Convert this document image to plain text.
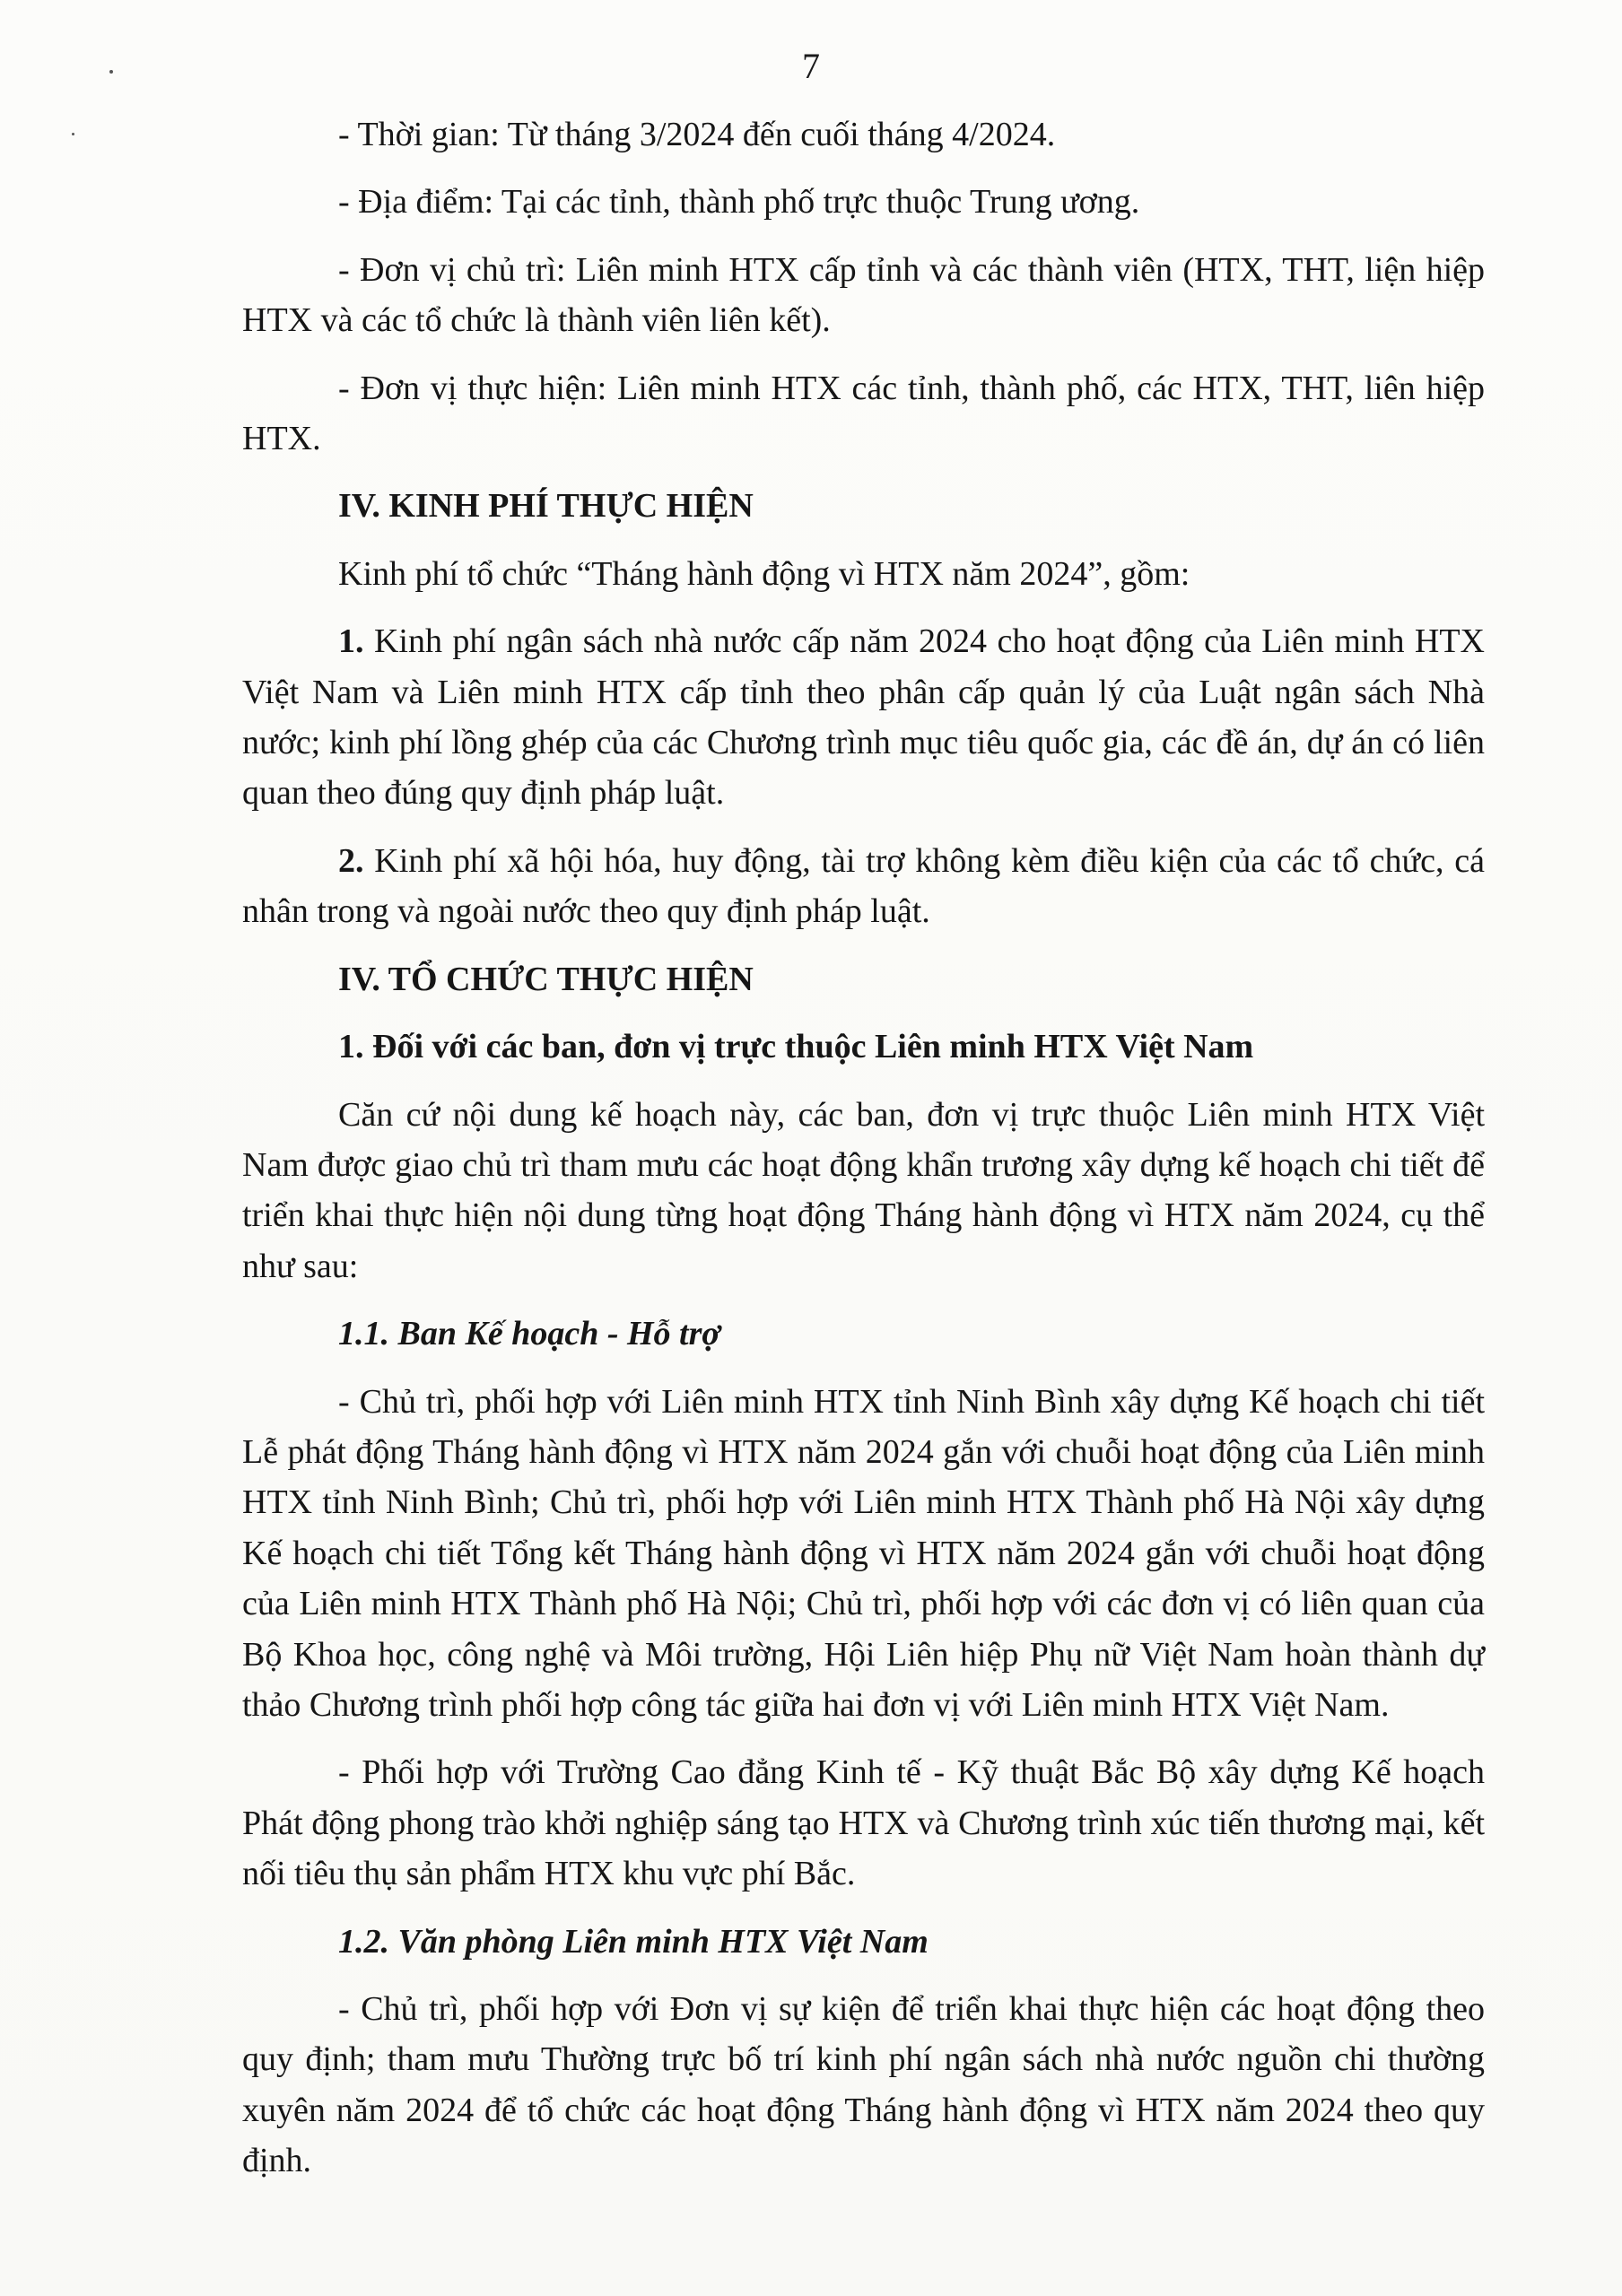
7

- Thời gian: Từ tháng 3/2024 đến cuối tháng 4/2024.

- Địa điểm: Tại các tỉnh, thành phố trực thuộc Trung ương.

- Đơn vị chủ trì: Liên minh HTX cấp tỉnh và các thành viên (HTX, THT, liện hiệp HTX và các tổ chức là thành viên liên kết).

- Đơn vị thực hiện: Liên minh HTX các tỉnh, thành phố, các HTX, THT, liên hiệp HTX.

IV. KINH PHÍ THỰC HIỆN

Kinh phí tổ chức “Tháng hành động vì HTX năm 2024”, gồm:

1. Kinh phí ngân sách nhà nước cấp năm 2024 cho hoạt động của Liên minh HTX Việt Nam và Liên minh HTX cấp tỉnh theo phân cấp quản lý của Luật ngân sách Nhà nước; kinh phí lồng ghép của các Chương trình mục tiêu quốc gia, các đề án, dự án có liên quan theo đúng quy định pháp luật.

2. Kinh phí xã hội hóa, huy động, tài trợ không kèm điều kiện của các tổ chức, cá nhân trong và ngoài nước theo quy định pháp luật.

IV. TỔ CHỨC THỰC HIỆN

1. Đối với các ban, đơn vị trực thuộc Liên minh HTX Việt Nam

Căn cứ nội dung kế hoạch này, các ban, đơn vị trực thuộc Liên minh HTX Việt Nam được giao chủ trì tham mưu các hoạt động khẩn trương xây dựng kế hoạch chi tiết để triển khai thực hiện nội dung từng hoạt động Tháng hành động vì HTX năm 2024, cụ thể như sau:

1.1. Ban Kế hoạch - Hỗ trợ

- Chủ trì, phối hợp với Liên minh HTX tỉnh Ninh Bình xây dựng Kế hoạch chi tiết Lễ phát động Tháng hành động vì HTX năm 2024 gắn với chuỗi hoạt động của Liên minh HTX tỉnh Ninh Bình; Chủ trì, phối hợp với Liên minh HTX Thành phố Hà Nội xây dựng Kế hoạch chi tiết Tổng kết Tháng hành động vì HTX năm 2024 gắn với chuỗi hoạt động của Liên minh HTX Thành phố Hà Nội; Chủ trì, phối hợp với các đơn vị có liên quan của Bộ Khoa học, công nghệ và Môi trường, Hội Liên hiệp Phụ nữ Việt Nam hoàn thành dự thảo Chương trình phối hợp công tác giữa hai đơn vị với Liên minh HTX Việt Nam.

- Phối hợp với Trường Cao đẳng Kinh tế - Kỹ thuật Bắc Bộ xây dựng Kế hoạch Phát động phong trào khởi nghiệp sáng tạo HTX và Chương trình xúc tiến thương mại, kết nối tiêu thụ sản phẩm HTX khu vực phí Bắc.

1.2. Văn phòng Liên minh HTX Việt Nam

- Chủ trì, phối hợp với Đơn vị sự kiện để triển khai thực hiện các hoạt động theo quy định; tham mưu Thường trực bố trí kinh phí ngân sách nhà nước nguồn chi thường xuyên năm 2024 để tổ chức các hoạt động Tháng hành động vì HTX năm 2024 theo quy định.
